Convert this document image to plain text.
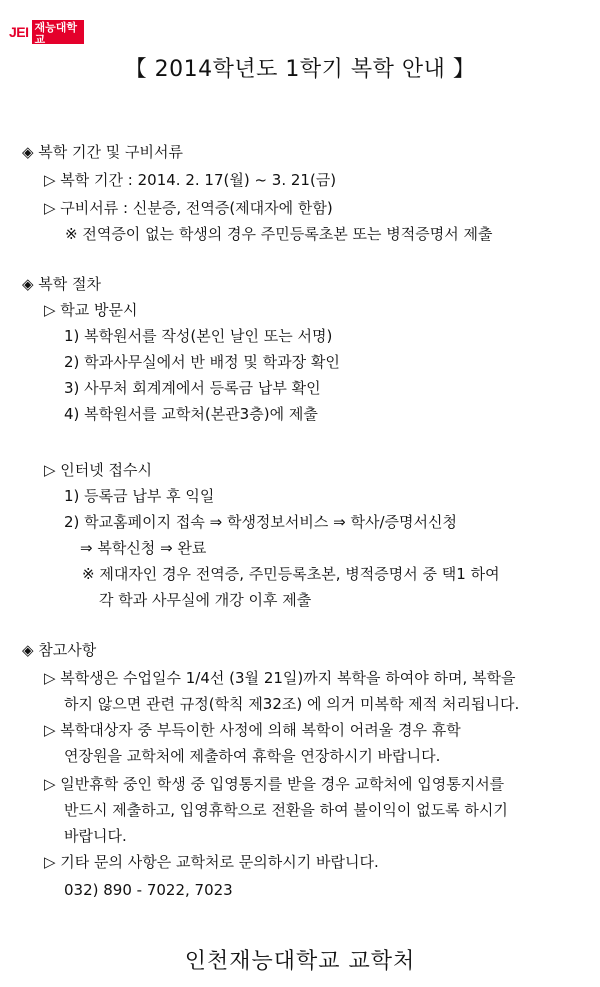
JEI 재능대학교
【 2014학년도 1학기 복학 안내 】
◈ 복학 기간 및 구비서류
▷ 복학 기간 : 2014. 2. 17(월) ~ 3. 21(금)
▷ 구비서류 : 신분증, 전역증(제대자에 한함)
※ 전역증이 없는 학생의 경우 주민등록초본 또는 병적증명서 제출
◈ 복학 절차
▷ 학교 방문시
1) 복학원서를 작성(본인 날인 또는 서명)
2) 학과사무실에서 반 배정 및 학과장 확인
3) 사무처 회계계에서 등록금 납부 확인
4) 복학원서를 교학처(본관3층)에 제출
▷ 인터넷 접수시
1) 등록금 납부 후 익일
2) 학교홈페이지 접속 ⇒ 학생정보서비스 ⇒ 학사/증명서신청
⇒ 복학신청 ⇒ 완료
※ 제대자인 경우 전역증, 주민등록초본, 병적증명서 중 택1 하여
각 학과 사무실에 개강 이후 제출
◈ 참고사항
▷ 복학생은 수업일수 1/4선 (3월 21일)까지 복학을 하여야 하며, 복학을
하지 않으면 관련 규정(학칙 제32조) 에 의거 미복학 제적 처리됩니다.
▷ 복학대상자 중 부득이한 사정에 의해 복학이 어려울 경우 휴학
연장원을 교학처에 제출하여 휴학을 연장하시기 바랍니다.
▷ 일반휴학 중인 학생 중 입영통지를 받을 경우 교학처에 입영통지서를
반드시 제출하고, 입영휴학으로 전환을 하여 불이익이 없도록 하시기
바랍니다.
▷ 기타 문의 사항은 교학처로 문의하시기 바랍니다.
032) 890 - 7022, 7023
인천재능대학교 교학처
